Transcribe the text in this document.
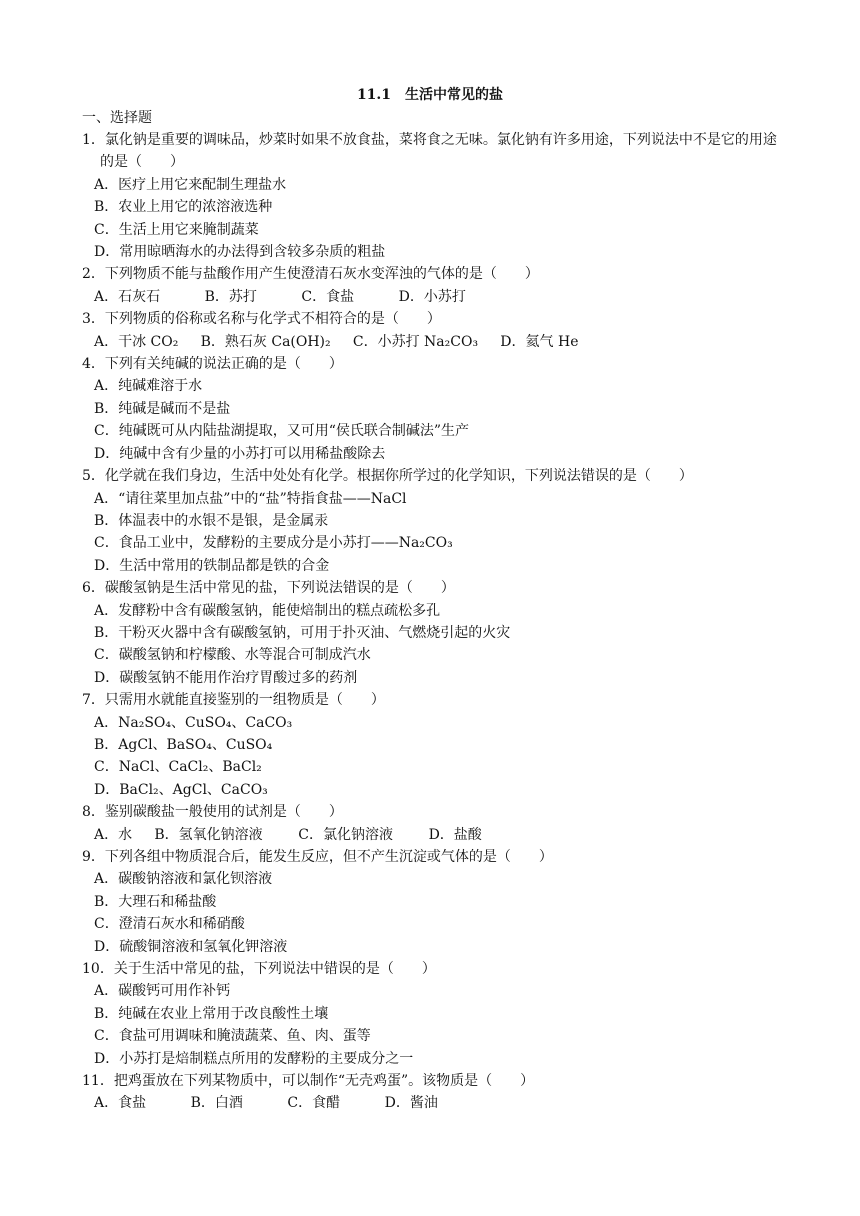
11.1　生活中常见的盐
一、选择题
1．氯化钠是重要的调味品，炒菜时如果不放食盐，菜将食之无味。氯化钠有许多用途，下列说法中不是它的用途的是（　　）
A．医疗上用它来配制生理盐水
B．农业上用它的浓溶液选种
C．生活上用它来腌制蔬菜
D．常用晾晒海水的办法得到含较多杂质的粗盐
2．下列物质不能与盐酸作用产生使澄清石灰水变浑浊的气体的是（　　）
A．石灰石          B．苏打          C．食盐          D．小苏打
3．下列物质的俗称或名称与化学式不相符合的是（　　）
A．干冰 CO₂     B．熟石灰 Ca(OH)₂     C．小苏打 Na₂CO₃     D．氦气 He
4．下列有关纯碱的说法正确的是（　　）
A．纯碱难溶于水
B．纯碱是碱而不是盐
C．纯碱既可从内陆盐湖提取，又可用“侯氏联合制碱法”生产
D．纯碱中含有少量的小苏打可以用稀盐酸除去
5．化学就在我们身边，生活中处处有化学。根据你所学过的化学知识，下列说法错误的是（　　）
A．“请往菜里加点盐”中的“盐”特指食盐——NaCl
B．体温表中的水银不是银，是金属汞
C．食品工业中，发酵粉的主要成分是小苏打——Na₂CO₃
D．生活中常用的铁制品都是铁的合金
6．碳酸氢钠是生活中常见的盐，下列说法错误的是（　　）
A．发酵粉中含有碳酸氢钠，能使焙制出的糕点疏松多孔
B．干粉灭火器中含有碳酸氢钠，可用于扑灭油、气燃烧引起的火灾
C．碳酸氢钠和柠檬酸、水等混合可制成汽水
D．碳酸氢钠不能用作治疗胃酸过多的药剂
7．只需用水就能直接鉴别的一组物质是（　　）
A．Na₂SO₄、CuSO₄、CaCO₃
B．AgCl、BaSO₄、CuSO₄
C．NaCl、CaCl₂、BaCl₂
D．BaCl₂、AgCl、CaCO₃
8．鉴别碳酸盐一般使用的试剂是（　　）
A．水     B．氢氧化钠溶液        C．氯化钠溶液        D．盐酸
9．下列各组中物质混合后，能发生反应，但不产生沉淀或气体的是（　　）
A．碳酸钠溶液和氯化钡溶液
B．大理石和稀盐酸
C．澄清石灰水和稀硝酸
D．硫酸铜溶液和氢氧化钾溶液
10．关于生活中常见的盐，下列说法中错误的是（　　）
A．碳酸钙可用作补钙
B．纯碱在农业上常用于改良酸性土壤
C．食盐可用调味和腌渍蔬菜、鱼、肉、蛋等
D．小苏打是焙制糕点所用的发酵粉的主要成分之一
11．把鸡蛋放在下列某物质中，可以制作“无壳鸡蛋”。该物质是（　　）
A．食盐          B．白酒          C．食醋          D．酱油
